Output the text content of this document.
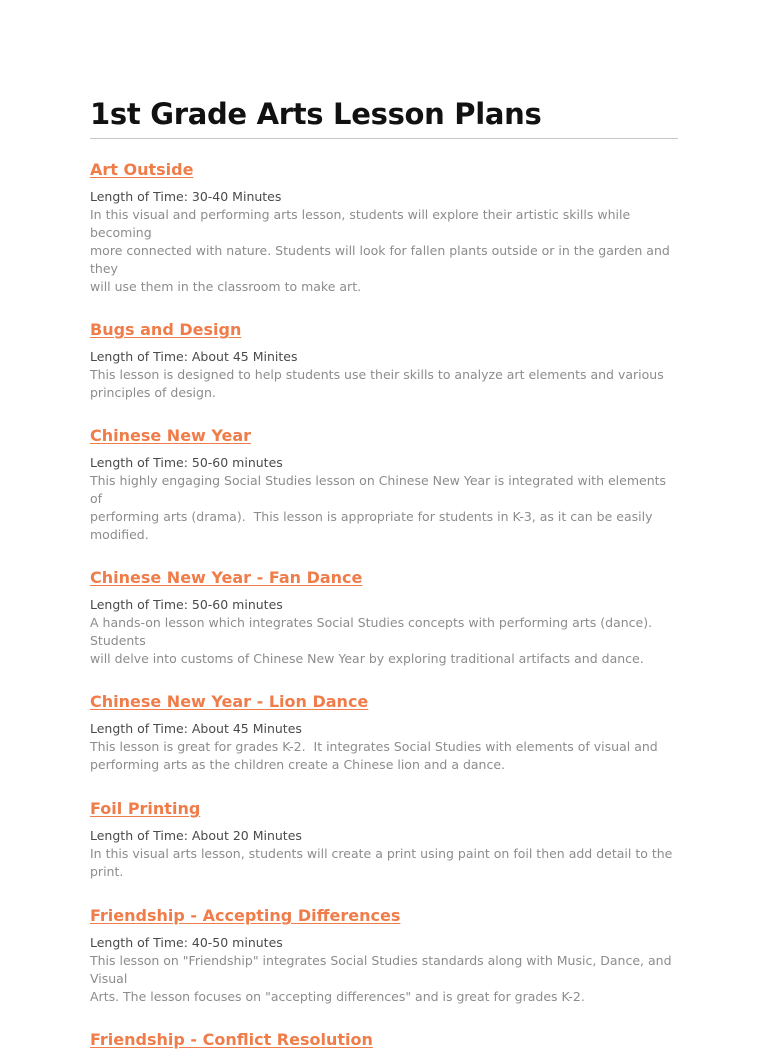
1st Grade Arts Lesson Plans
Art Outside

Length of Time: 30-40 Minutes

In this visual and performing arts lesson, students will explore their artistic skills while becoming
more connected with nature. Students will look for fallen plants outside or in the garden and they
will use them in the classroom to make art.

Bugs and Design

Length of Time: About 45 Minites

This lesson is designed to help students use their skills to analyze art elements and various
principles of design.

Chinese New Year

Length of Time: 50-60 minutes

This highly engaging Social Studies lesson on Chinese New Year is integrated with elements of
performing arts (drama).  This lesson is appropriate for students in K-3, as it can be easily modified.

Chinese New Year - Fan Dance

Length of Time: 50-60 minutes

A hands-on lesson which integrates Social Studies concepts with performing arts (dance). Students
will delve into customs of Chinese New Year by exploring traditional artifacts and dance.

Chinese New Year - Lion Dance

Length of Time: About 45 Minutes

This lesson is great for grades K-2.  It integrates Social Studies with elements of visual and
performing arts as the children create a Chinese lion and a dance.

Foil Printing

Length of Time: About 20 Minutes

In this visual arts lesson, students will create a print using paint on foil then add detail to the print.

Friendship - Accepting Differences

Length of Time: 40-50 minutes

This lesson on "Friendship" integrates Social Studies standards along with Music, Dance, and Visual
Arts. The lesson focuses on "accepting differences" and is great for grades K-2.

Friendship - Conflict Resolution
